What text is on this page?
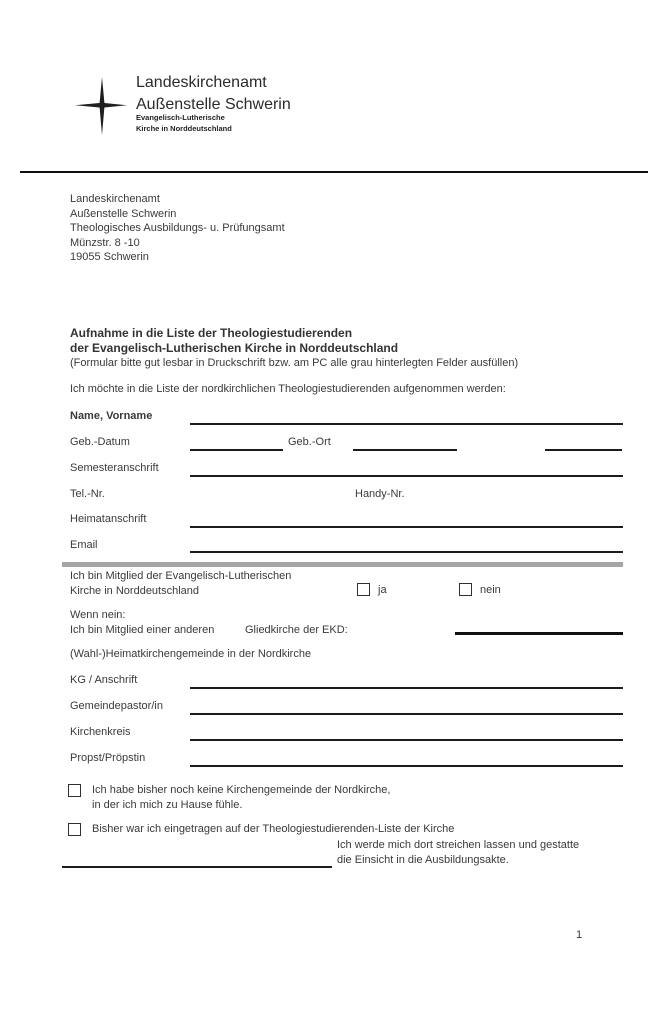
Landeskirchenamt
Außenstelle Schwerin
Evangelisch-Lutherische
Kirche in Norddeutschland
Landeskirchenamt
Außenstelle Schwerin
Theologisches Ausbildungs- u. Prüfungsamt
Münzstr. 8 -10
19055 Schwerin
Aufnahme in die Liste der Theologiestudierenden
der Evangelisch-Lutherischen Kirche in Norddeutschland
(Formular bitte gut lesbar in Druckschrift bzw. am PC alle grau hinterlegten Felder ausfüllen)
Ich möchte in die Liste der nordkirchlichen Theologiestudierenden aufgenommen werden:
Name, Vorname
Geb.-Datum	Geb.-Ort
Semesteranschrift
Tel.-Nr.	Handy-Nr.
Heimatanschrift
Email
Ich bin Mitglied der Evangelisch-Lutherischen
Kirche in Norddeutschland	ja	nein
Wenn nein:
Ich bin Mitglied einer anderen	Gliedkirche der EKD:
(Wahl-)Heimatkirchengemeinde in der Nordkirche
KG / Anschrift
Gemeindepastor/in
Kirchenkreis
Propst/Pröpstin
Ich habe bisher noch keine Kirchengemeinde der Nordkirche,
in der ich mich zu Hause fühle.
Bisher war ich eingetragen auf der Theologiestudierenden-Liste der Kirche
Ich werde mich dort streichen lassen und gestatte
die Einsicht in die Ausbildungsakte.
1
